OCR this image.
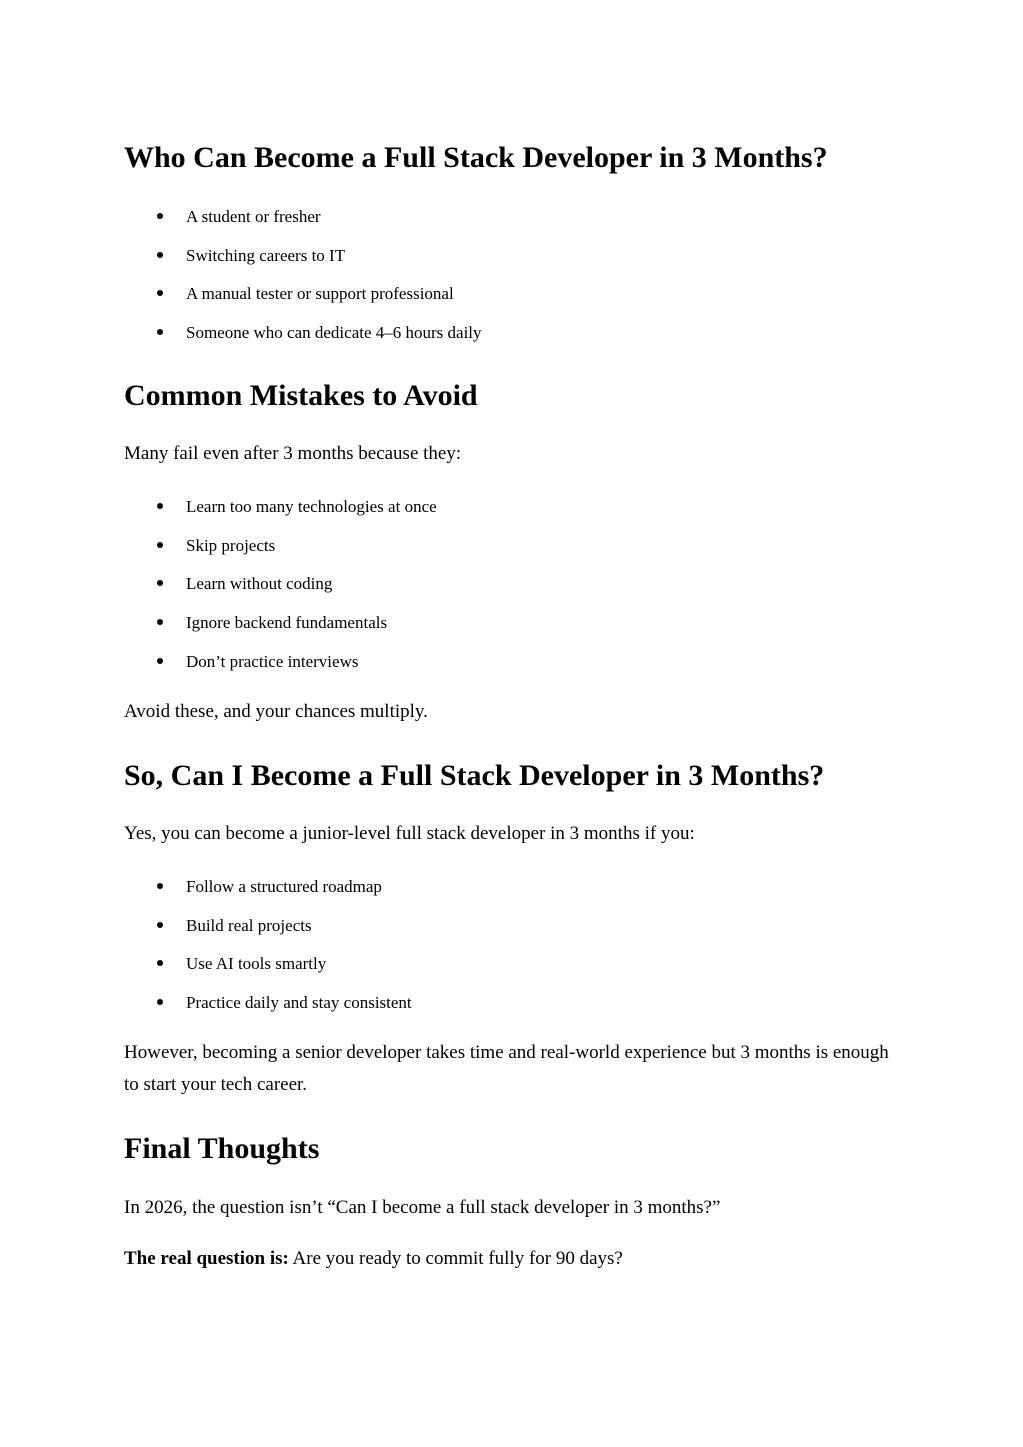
Who Can Become a Full Stack Developer in 3 Months?
A student or fresher
Switching careers to IT
A manual tester or support professional
Someone who can dedicate 4–6 hours daily
Common Mistakes to Avoid

Many fail even after 3 months because they:

Learn too many technologies at once
Skip projects
Learn without coding
Ignore backend fundamentals
Don’t practice interviews

Avoid these, and your chances multiply.

So, Can I Become a Full Stack Developer in 3 Months?

Yes, you can become a junior-level full stack developer in 3 months if you:

Follow a structured roadmap
Build real projects
Use AI tools smartly
Practice daily and stay consistent

However, becoming a senior developer takes time and real-world experience but 3 months is enough to start your tech career.

Final Thoughts

In 2026, the question isn’t “Can I become a full stack developer in 3 months?”

The real question is: Are you ready to commit fully for 90 days?
